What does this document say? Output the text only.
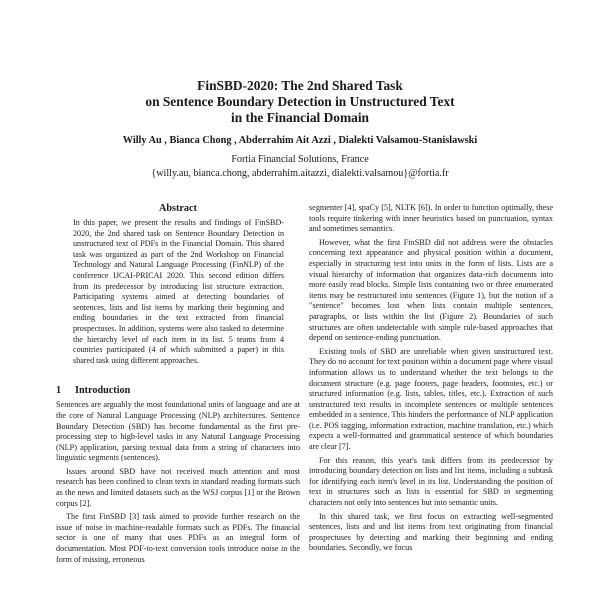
FinSBD-2020: The 2nd Shared Task
on Sentence Boundary Detection in Unstructured Text
in the Financial Domain
Willy Au , Bianca Chong , Abderrahim Ait Azzi , Dialekti Valsamou-Stanislawski
Fortia Financial Solutions, France
{willy.au, bianca.chong, abderrahim.aitazzi, dialekti.valsamou}@fortia.fr
Abstract
In this paper, we present the results and findings of FinSBD-2020, the 2nd shared task on Sentence Boundary Detection in unstructured text of PDFs in the Financial Domain. This shared task was organized as part of the 2nd Workshop on Financial Technology and Natural Language Processing (FinNLP) of the conference IJCAI-PRICAI 2020. This second edition differs from its predecessor by introducing list structure extraction. Participating systems aimed at detecting boundaries of sentences, lists and list items by marking their beginning and ending boundaries in the text extracted from financial prospectuses. In addition, systems were also tasked to determine the hierarchy level of each item in its list. 5 teams from 4 countries participated (4 of which submitted a paper) in this shared task using different approaches.
1 Introduction

Sentences are arguably the most foundational units of language and are at the core of Natural Language Processing (NLP) architectures. Sentence Boundary Detection (SBD) has become fundamental as the first pre-processing step to high-level tasks in any Natural Language Processing (NLP) application, parsing textual data from a string of characters into linguistic segments (sentences).

Issues around SBD have not received much attention and most research has been confined to clean texts in standard reading formats such as the news and limited datasets such as the WSJ corpus [1] or the Brown corpus [2].

The first FinSBD [3] task aimed to provide further research on the issue of noise in machine-readable formats such as PDFs. The financial sector is one of many that uses PDFs as an integral form of documentation. Most PDF-to-text conversion tools introduce noise in the form of missing, erroneous

segmenter [4], spaCy [5], NLTK [6]). In order to function optimally, these tools require tinkering with inner heuristics based on punctuation, syntax and sometimes semantics.

However, what the first FinSBD did not address were the obstacles concerning text appearance and physical position within a document, especially in structuring text into units in the form of lists. Lists are a visual hierarchy of information that organizes data-rich documents into more easily read blocks. Simple lists containing two or three enumerated items may be restructured into sentences (Figure 1), but the notion of a "sentence" becomes lost when lists contain multiple sentences, paragraphs, or lists within the list (Figure 2). Boundaries of such structures are often undetectable with simple rule-based approaches that depend on sentence-ending punctuation.

Existing tools of SBD are unreliable when given unstructured text. They do no account for text position within a document page where visual information allows us to understand whether the text belongs to the document structure (e.g. page footers, page headers, footnotes, etc.) or structured information (e.g. lists, tables, titles, etc.). Extraction of such unstructured text results in incomplete sentences or multiple sentences embedded in a sentence. This hinders the performance of NLP application (i.e. POS tagging, information extraction, machine translation, etc.) which expects a well-formatted and grammatical sentence of which boundaries are clear [7].

For this reason, this year's task differs from its predecessor by introducing boundary detection on lists and list items, including a subtask for identifying each item's level in its list. Understanding the position of text in structures such as lists is essential for SBD in segmenting characters not only into sentences but into semantic units.

In this shared task, we first focus on extracting well-segmented sentences, lists and and list items from text originating from financial prospectuses by detecting and marking their beginning and ending boundaries. Secondly, we focus
